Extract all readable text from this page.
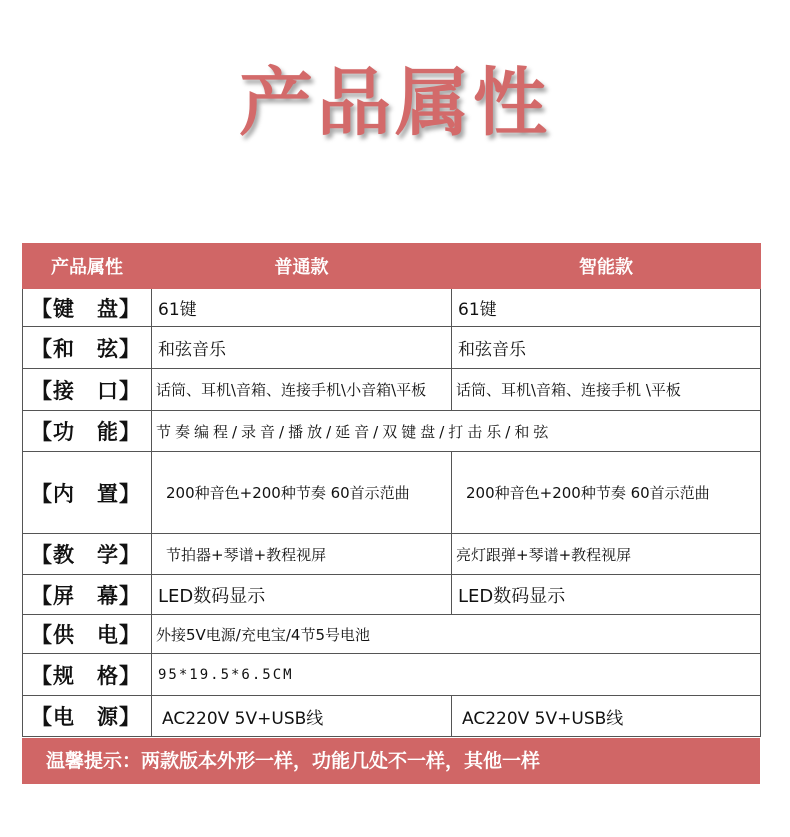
产品属性
产品属性	普通款	智能款
【键　盘】	61键	61键
【和　弦】	和弦音乐	和弦音乐
【接　口】	话筒、耳机\音箱、连接手机\小音箱\平板	话筒、耳机\音箱、连接手机 \平板
【功　能】	节奏编程/录音/播放/延音/双键盘/打击乐/和弦	
【内　置】	200种音色+200种节奏 60首示范曲	200种音色+200种节奏 60首示范曲
【教　学】	节拍器+琴谱+教程视屏	亮灯跟弹+琴谱+教程视屏
【屏　幕】	LED数码显示	LED数码显示
【供　电】	外接5V电源/充电宝/4节5号电池	
【规　格】	95*19.5*6.5CM	
【电　源】	AC220V 5V+USB线	AC220V 5V+USB线
温馨提示：两款版本外形一样，功能几处不一样，其他一样
